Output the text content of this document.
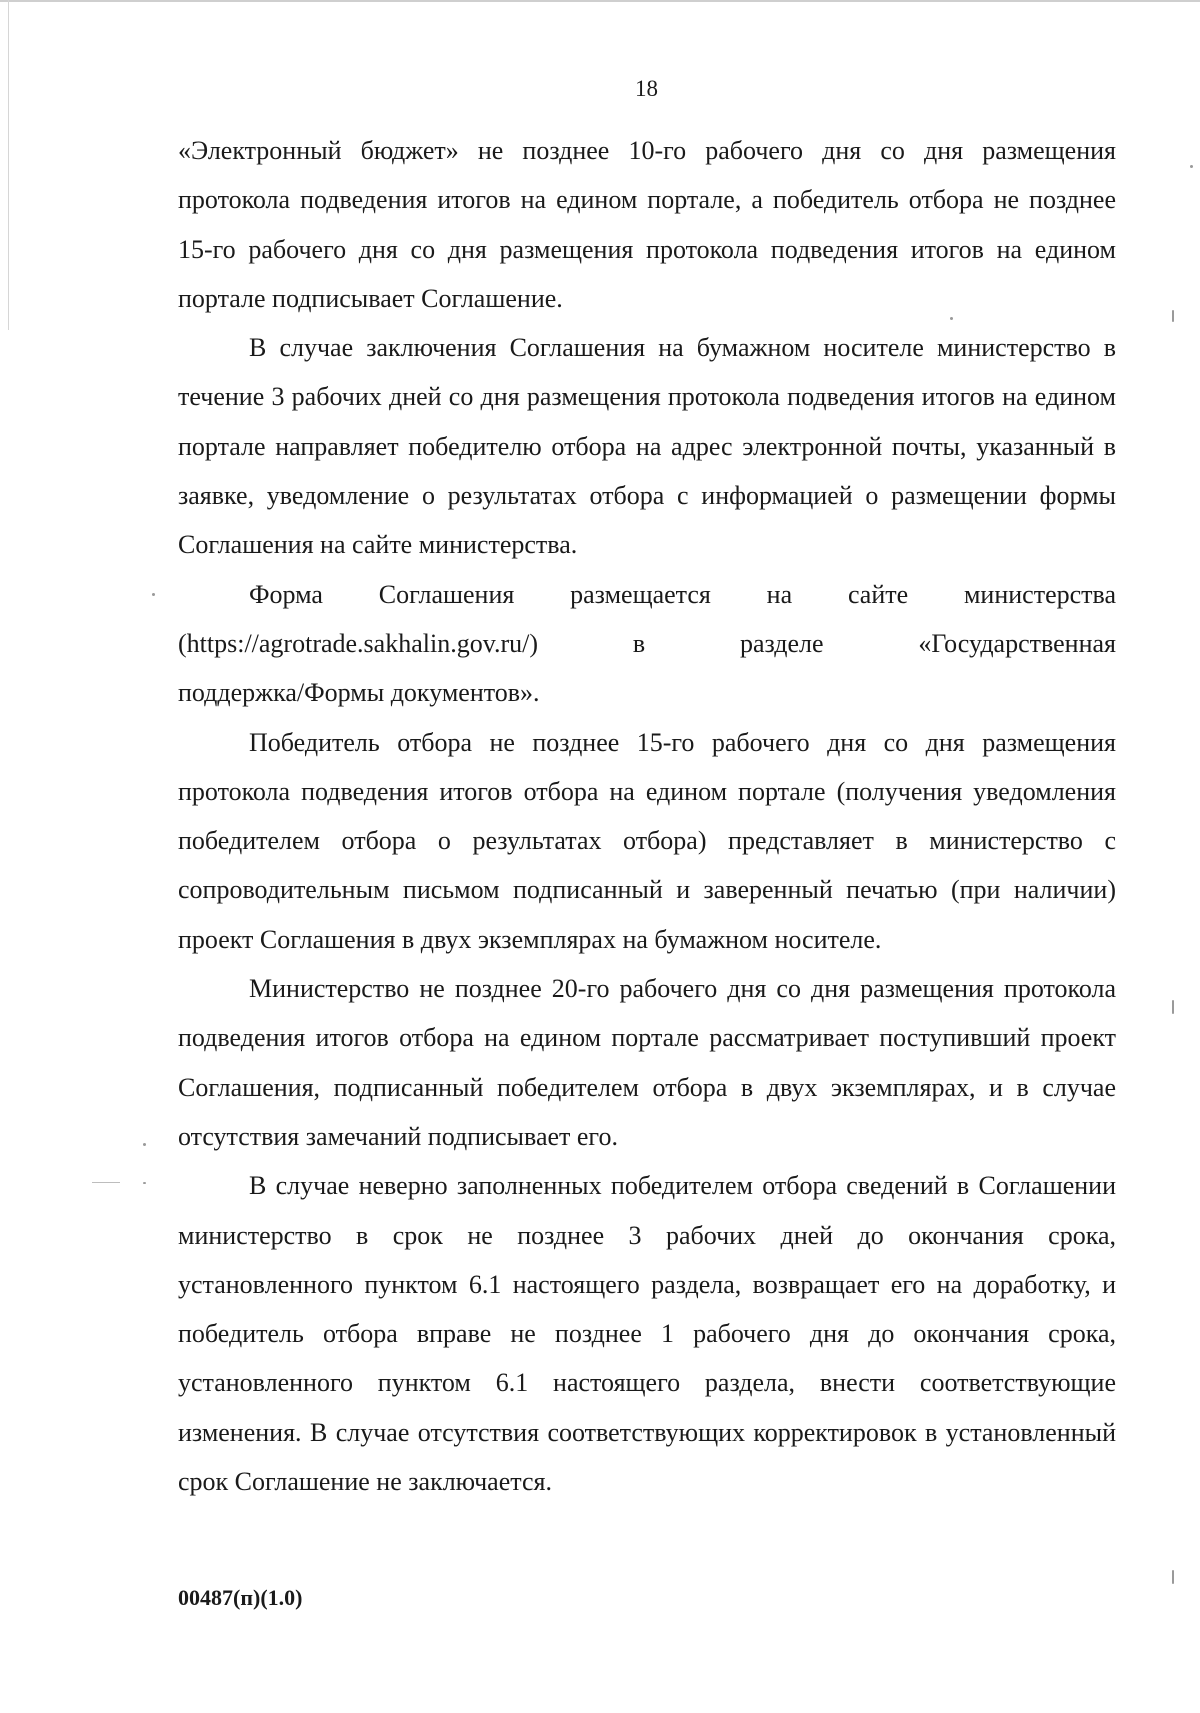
18

«Электронный бюджет» не позднее 10-го рабочего дня со дня размещения протокола подведения итогов на едином портале, а победитель отбора не позднее 15-го рабочего дня со дня размещения протокола подведения итогов на едином портале подписывает Соглашение.

В случае заключения Соглашения на бумажном носителе министерство в течение 3 рабочих дней со дня размещения протокола подведения итогов на едином портале направляет победителю отбора на адрес электронной почты, указанный в заявке, уведомление о результатах отбора с информацией о размещении формы Соглашения на сайте министерства.

Форма Соглашения размещается на сайте министерства

(https://agrotrade.sakhalin.gov.ru/) в разделе «Государственная

поддержка/Формы документов».

Победитель отбора не позднее 15-го рабочего дня со дня размещения протокола подведения итогов отбора на едином портале (получения уведомления победителем отбора о результатах отбора) представляет в министерство с сопроводительным письмом подписанный и заверенный печатью (при наличии) проект Соглашения в двух экземплярах на бумажном носителе.

Министерство не позднее 20-го рабочего дня со дня размещения протокола подведения итогов отбора на едином портале рассматривает поступивший проект Соглашения, подписанный победителем отбора в двух экземплярах, и в случае отсутствия замечаний подписывает его.

В случае неверно заполненных победителем отбора сведений в Соглашении министерство в срок не позднее 3 рабочих дней до окончания срока, установленного пунктом 6.1 настоящего раздела, возвращает его на доработку, и победитель отбора вправе не позднее 1 рабочего дня до окончания срока, установленного пунктом 6.1 настоящего раздела, внести соответствующие изменения. В случае отсутствия соответствующих корректировок в установленный срок Соглашение не заключается.

00487(п)(1.0)
